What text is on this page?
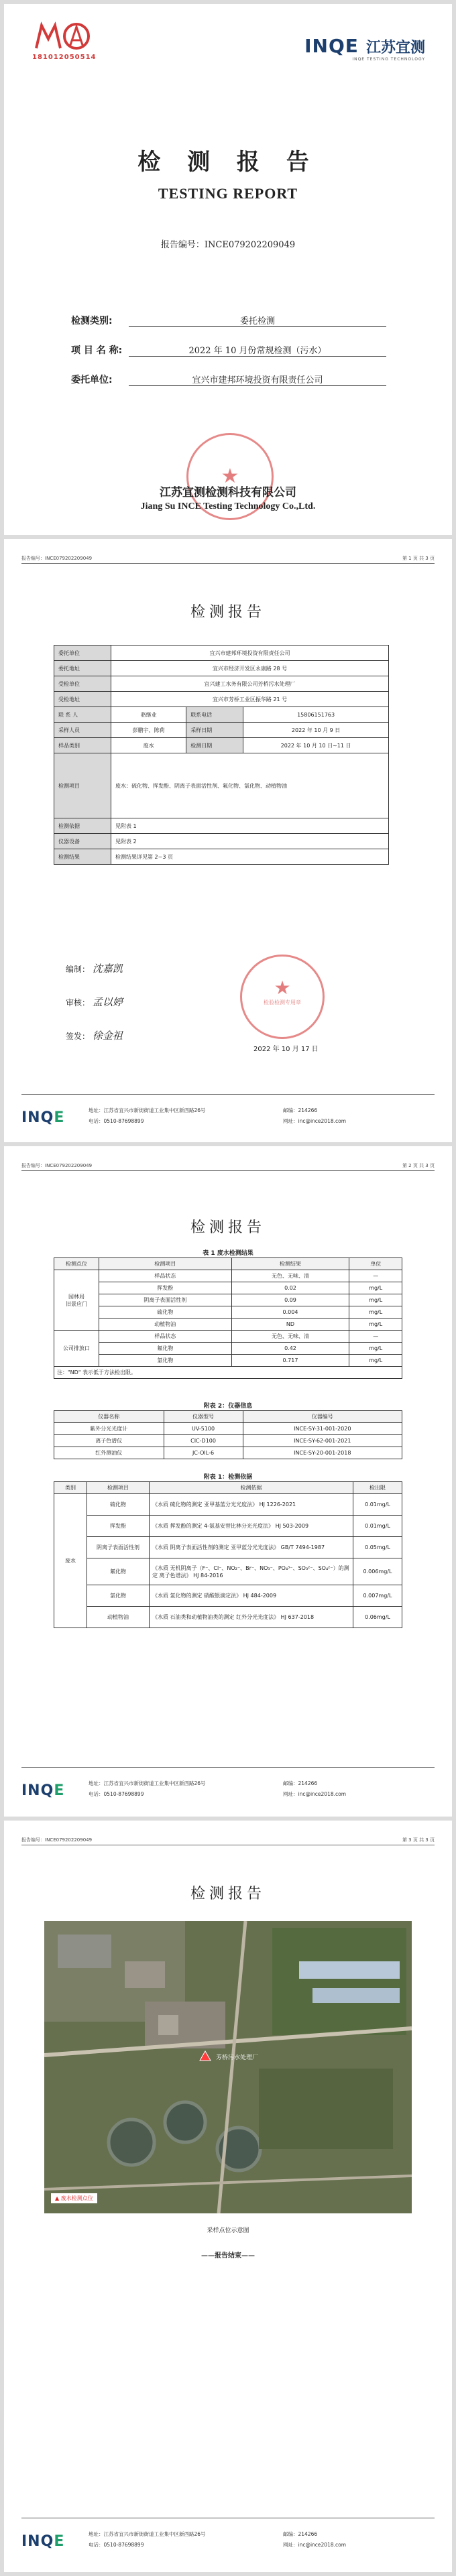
181012050514
INQE 江苏宜测
INQE TESTING TECHNOLOGY
检 测 报 告
TESTING REPORT
报告编号：INCE079202209049
检测类别:	委托检测
项 目 名 称:	2022 年 10 月份常规检测（污水）
委托单位:	宜兴市建邦环境投资有限责任公司
★
江苏宜测检测科技有限公司
Jiang Su INCE Testing Technology Co.,Ltd.
报告编号：INCE079202209049	第 1 页 共 3 页
检测报告
委托单位	宜兴市建邦环境投资有限责任公司		
委托地址	宜兴市经济开发区永康路 28 号		
受检单位	宜兴建工水务有限公司芳桥污水处理厂		
受检地址	宜兴市芳桥工业区振华路 21 号		
联 系 人	骆继业	联系电话	15806151763
采样人员	彭鹏宇、陈荷	采样日期	2022 年 10 月 9 日
样品类别	废水	检测日期	2022 年 10 月 10 日~11 日
检测项目	废水：硫化物、挥发酚、阴离子表面活性剂、氟化物、氯化物、动植物油		
检测依据	见附表 1		
仪器设备	见附表 2		
检测结果	检测结果详见第 2~3 页		
编制： 沈嘉凯
审核： 孟以婷
签发： 徐金祖
★
检验检测专用章
2022 年 10 月 17 日
INQE	地址：江苏省宜兴市新街街道工业集中区新西路26号	邮编：214266
电话：0510-87698899	网址：inc@ince2018.com
报告编号：INCE079202209049	第 2 页 共 3 页
检测报告
表 1 废水检测结果
检测点位	检测项目	检测结果	单位
园林局
旧景应门	样品状态	无色、无味、清	—
	挥发酚	0.02	mg/L
	阴离子表面活性剂	0.09	mg/L
	硫化物	0.004	mg/L
	动植物油	ND	mg/L
公司排放口	样品状态	无色、无味、清	—
	氟化物	0.42	mg/L
	氯化物	0.717	mg/L
注："ND" 表示低于方法检出限。			
附表 2：仪器信息
仪器名称	仪器型号	仪器编号
紫外分光光度计	UV-5100	INCE-SY-31-001-2020
离子色谱仪	CIC-D100	INCE-SY-62-001-2021
红外测油仪	JC-OIL-6	INCE-SY-20-001-2018
附表 1：检测依据
类别	检测项目	检测依据	检出限
废水	硫化物	《水质 硫化物的测定 亚甲基蓝分光光度法》 HJ 1226-2021	0.01mg/L
	挥发酚	《水质 挥发酚的测定 4-氨基安替比林分光光度法》 HJ 503-2009	0.01mg/L
	阴离子表面活性剂	《水质 阴离子表面活性剂的测定 亚甲蓝分光光度法》 GB/T 7494-1987	0.05mg/L
	氟化物	《水质 无机阴离子（F⁻、Cl⁻、NO₂⁻、Br⁻、NO₃⁻、PO₄³⁻、SO₃²⁻、SO₄²⁻）的测定 离子色谱法》 HJ 84-2016	0.006mg/L
	氯化物	《水质 氯化物的测定 硝酸银滴定法》 HJ 484-2009	0.007mg/L
	动植物油	《水质 石油类和动植物油类的测定 红外分光光度法》 HJ 637-2018	0.06mg/L
INQE	地址：江苏省宜兴市新街街道工业集中区新西路26号	邮编：214266
电话：0510-87698899	网址：inc@ince2018.com
报告编号：INCE079202209049	第 3 页 共 3 页
检测报告
芳桥污水处理厂
▲ 废水检测点位
采样点位示意图
——报告结束——
INQE	地址：江苏省宜兴市新街街道工业集中区新西路26号	邮编：214266
电话：0510-87698899	网址：inc@ince2018.com
